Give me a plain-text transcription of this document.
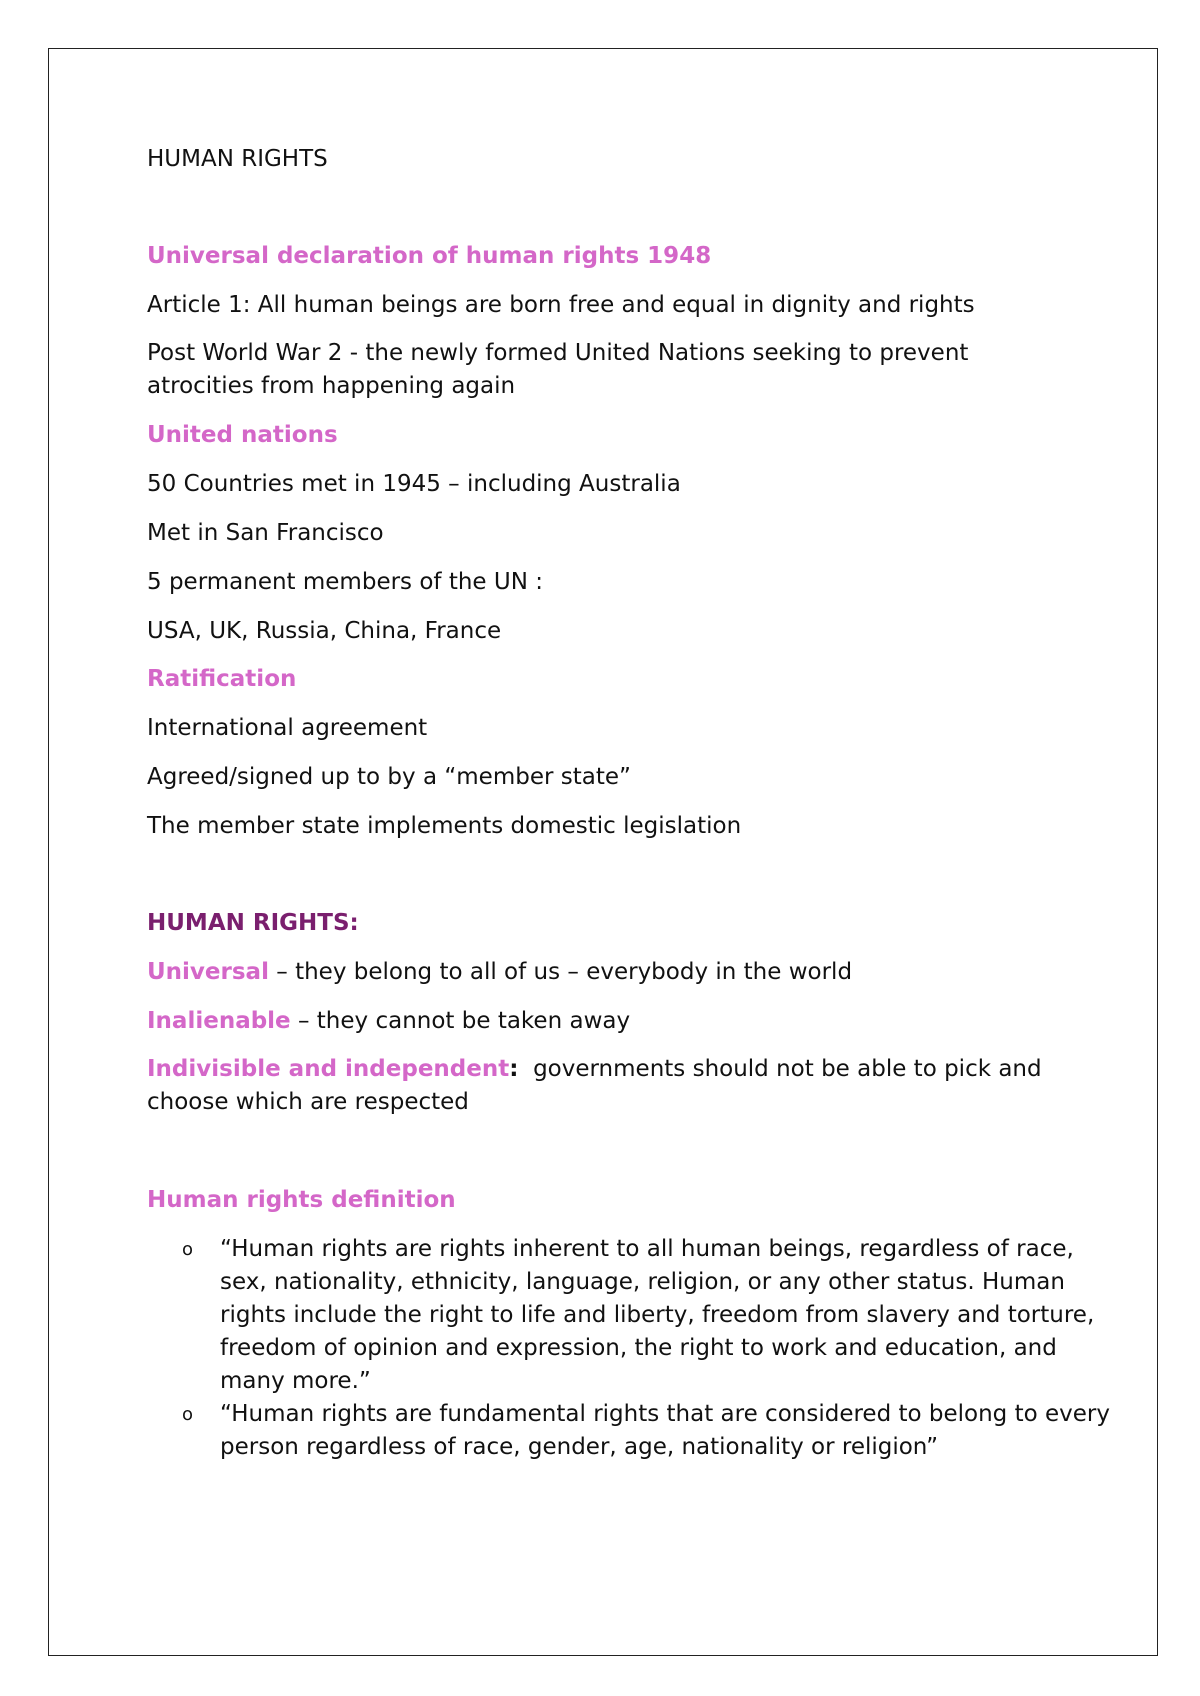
HUMAN RIGHTS
Universal declaration of human rights 1948
Article 1: All human beings are born free and equal in dignity and rights
Post World War 2 - the newly formed United Nations seeking to prevent atrocities from happening again
United nations
50 Countries met in 1945 – including Australia
Met in San Francisco
5 permanent members of the UN :
USA, UK, Russia, China, France
Ratification
International agreement
Agreed/signed up to by a “member state”
The member state implements domestic legislation
HUMAN RIGHTS:
Universal – they belong to all of us – everybody in the world
Inalienable – they cannot be taken away
Indivisible and independent:  governments should not be able to pick and choose which are respected
Human rights definition
o “Human rights are rights inherent to all human beings, regardless of race, sex, nationality, ethnicity, language, religion, or any other status. Human rights include the right to life and liberty, freedom from slavery and torture, freedom of opinion and expression, the right to work and education, and many more.”
o “Human rights are fundamental rights that are considered to belong to every person regardless of race, gender, age, nationality or religion”
